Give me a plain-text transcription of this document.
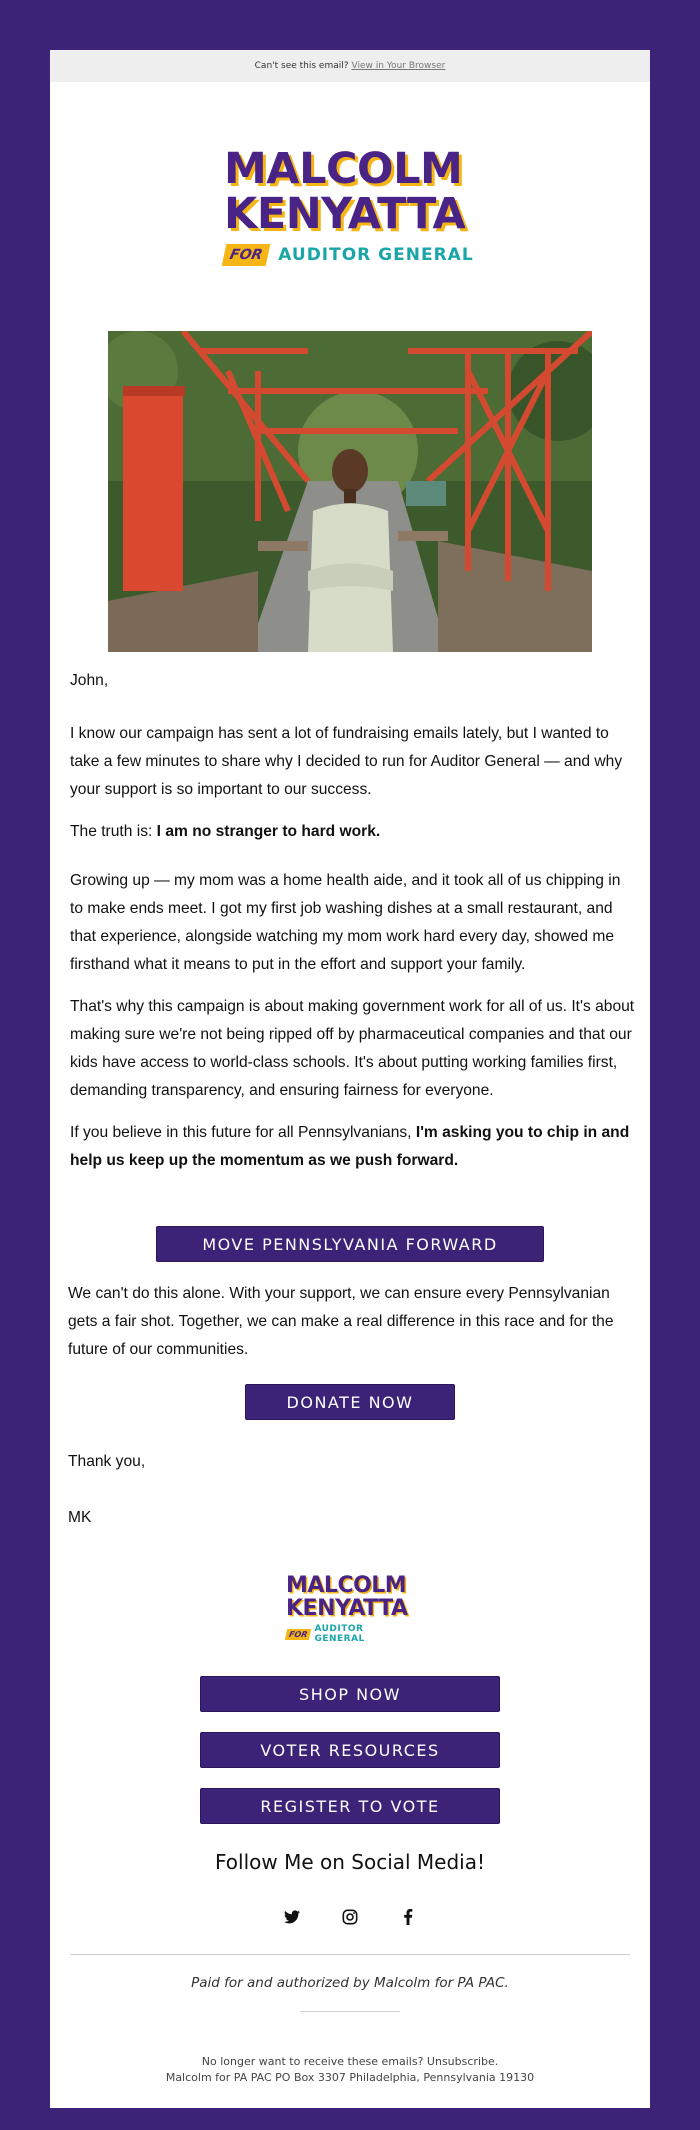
Can't see this email? View in Your Browser
MALCOLM
KENYATTA
FOR AUDITOR GENERAL

John,

I know our campaign has sent a lot of fundraising emails lately, but I wanted to take a few minutes to share why I decided to run for Auditor General — and why your support is so important to our success.

The truth is: I am no stranger to hard work.

Growing up — my mom was a home health aide, and it took all of us chipping in to make ends meet. I got my first job washing dishes at a small restaurant, and that experience, alongside watching my mom work hard every day, showed me firsthand what it means to put in the effort and support your family.

That's why this campaign is about making government work for all of us. It's about making sure we're not being ripped off by pharmaceutical companies and that our kids have access to world-class schools. It's about putting working families first, demanding transparency, and ensuring fairness for everyone.

If you believe in this future for all Pennsylvanians, I'm asking you to chip in and help us keep up the momentum as we push forward.

MOVE PENNSLYVANIA FORWARD

We can't do this alone. With your support, we can ensure every Pennsylvanian gets a fair shot. Together, we can make a real difference in this race and for the future of our communities.

DONATE NOW

Thank you,

MK

MALCOLM
KENYATTA
FOR AUDITOR GENERAL
SHOP NOW
VOTER RESOURCES
REGISTER TO VOTE
Follow Me on Social Media!
Paid for and authorized by Malcolm for PA PAC.
No longer want to receive these emails? Unsubscribe.
Malcolm for PA PAC PO Box 3307 Philadelphia, Pennsylvania 19130
